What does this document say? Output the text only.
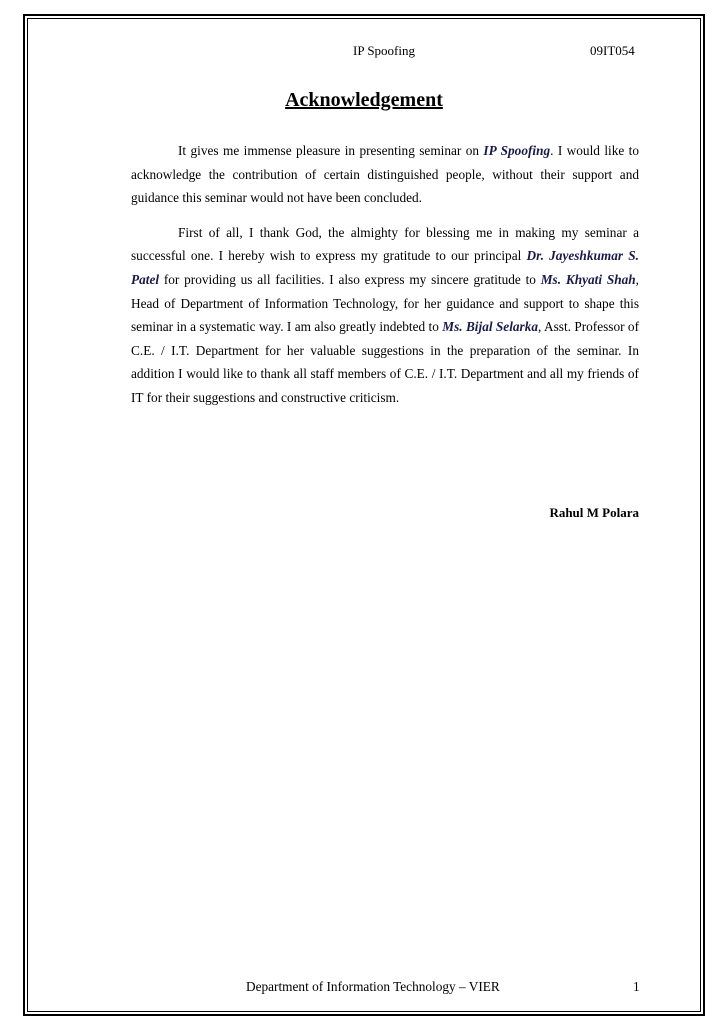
IP Spoofing	09IT054
Acknowledgement

It gives me immense pleasure in presenting seminar on IP Spoofing. I would like to acknowledge the contribution of certain distinguished people, without their support and guidance this seminar would not have been concluded.

First of all, I thank God, the almighty for blessing me in making my seminar a successful one. I hereby wish to express my gratitude to our principal Dr. Jayeshkumar S. Patel for providing us all facilities. I also express my sincere gratitude to Ms. Khyati Shah, Head of Department of Information Technology, for her guidance and support to shape this seminar in a systematic way. I am also greatly indebted to Ms. Bijal Selarka, Asst. Professor of C.E. / I.T. Department for her valuable suggestions in the preparation of the seminar. In addition I would like to thank all staff members of C.E. / I.T. Department and all my friends of IT for their suggestions and constructive criticism.

Rahul M Polara
Department of Information Technology – VIER	1
